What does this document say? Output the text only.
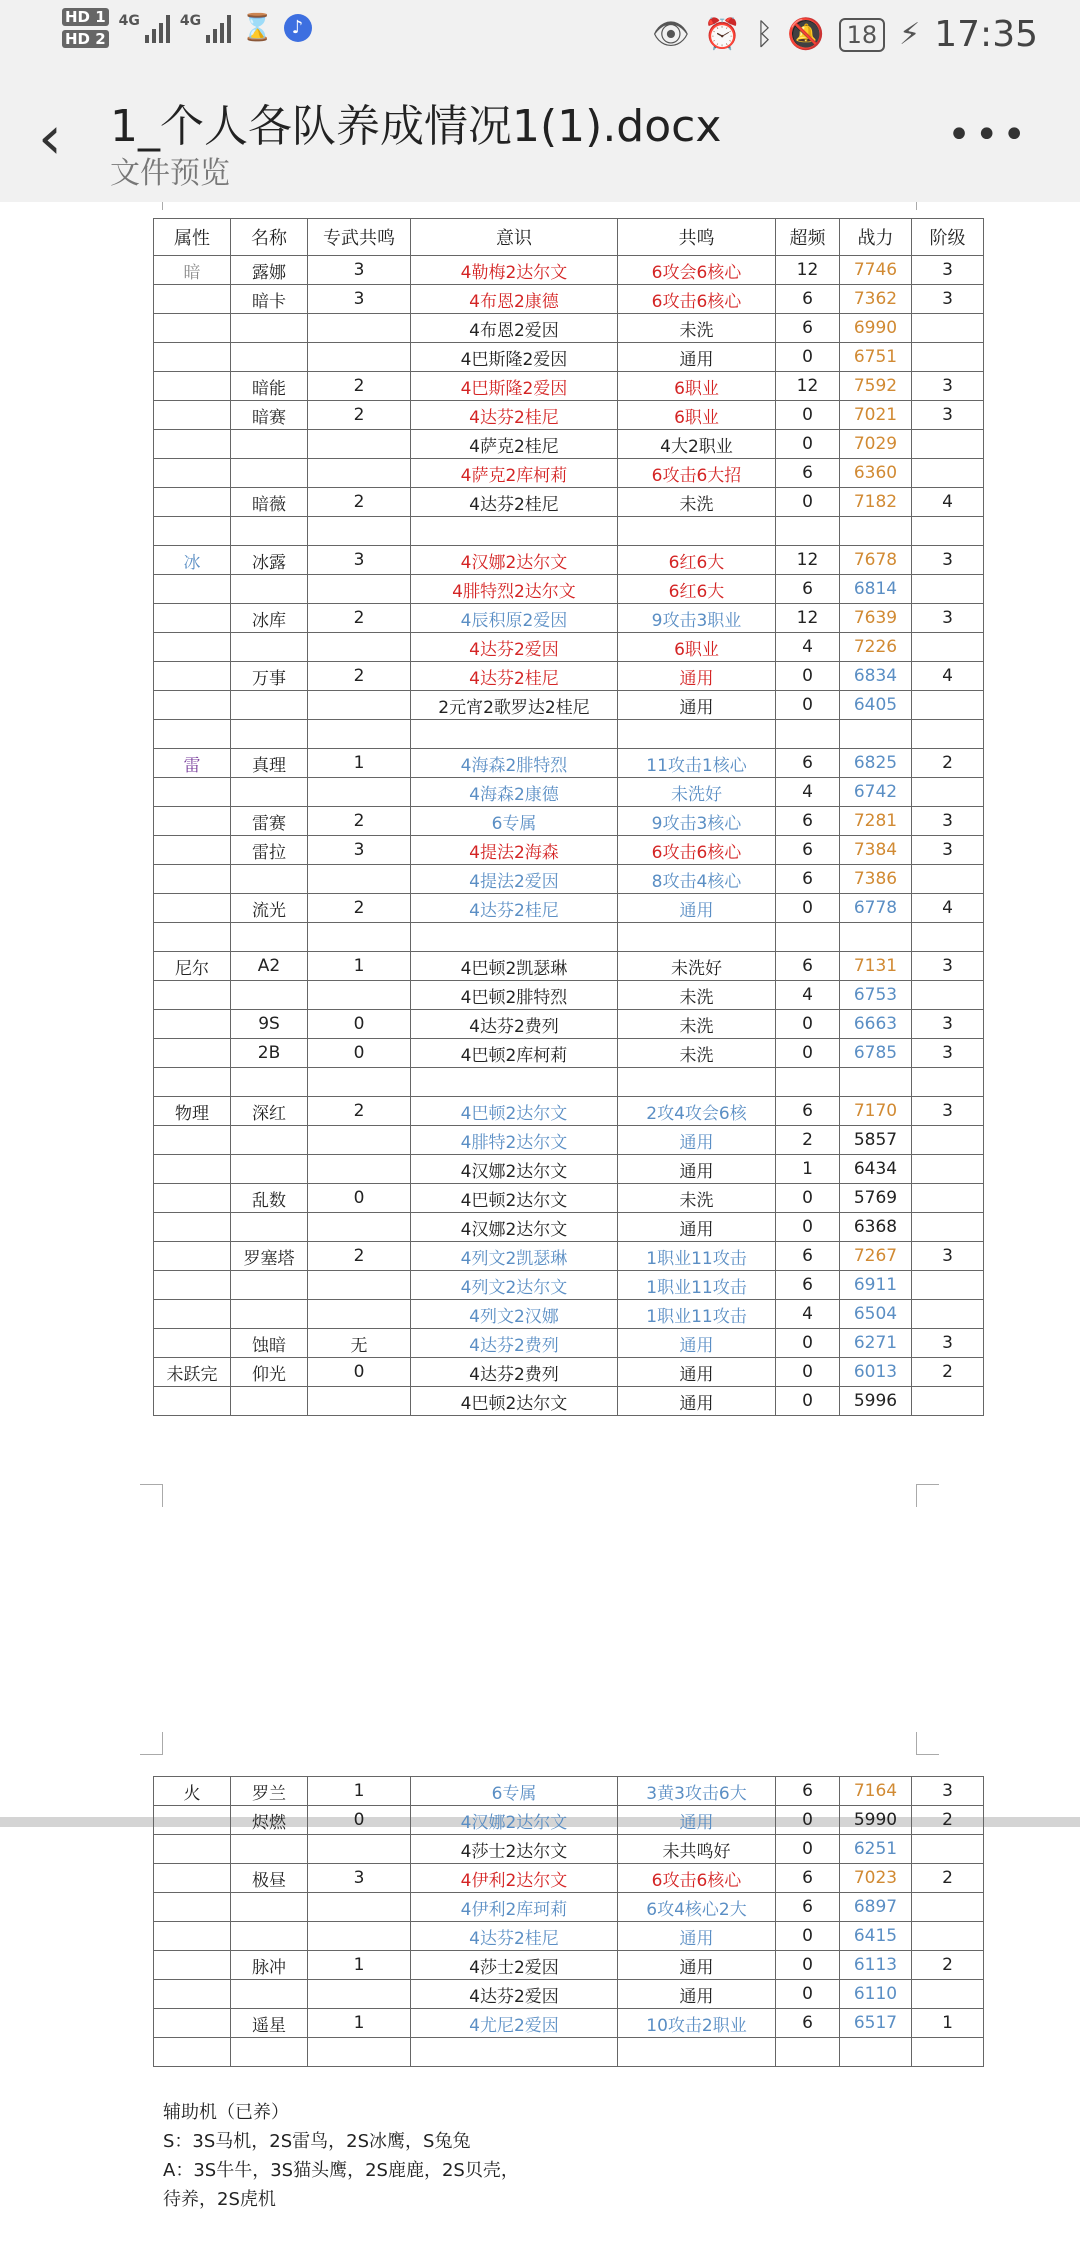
HD 1
HD 2
4G	4G ⌛	♪	👁 ⏰ ᛒ 🔕 18 ⚡ 17:35
‹ 1_个人各队养成情况1(1).docx
文件预览
•••
属性	名称	专武共鸣	意识	共鸣	超频	战力	阶级
暗	露娜	3	4勒梅2达尔文	6攻会6核心	12	7746	3
	暗卡	3	4布恩2康德	6攻击6核心	6	7362	3
			4布恩2爱因	未洗	6	6990	
			4巴斯隆2爱因	通用	0	6751	
	暗能	2	4巴斯隆2爱因	6职业	12	7592	3
	暗赛	2	4达芬2桂尼	6职业	0	7021	3
			4萨克2桂尼	4大2职业	0	7029	
			4萨克2库柯莉	6攻击6大招	6	6360	
	暗薇	2	4达芬2桂尼	未洗	0	7182	4

冰	冰露	3	4汉娜2达尔文	6红6大	12	7678	3
			4腓特烈2达尔文	6红6大	6	6814	
	冰库	2	4辰积原2爱因	9攻击3职业	12	7639	3
			4达芬2爱因	6职业	4	7226	
	万事	2	4达芬2桂尼	通用	0	6834	4
			2元宵2歌罗达2桂尼	通用	0	6405	

雷	真理	1	4海森2腓特烈	11攻击1核心	6	6825	2
			4海森2康德	未洗好	4	6742	
	雷赛	2	6专属	9攻击3核心	6	7281	3
	雷拉	3	4提法2海森	6攻击6核心	6	7384	3
			4提法2爱因	8攻击4核心	6	7386	
	流光	2	4达芬2桂尼	通用	0	6778	4

尼尔	A2	1	4巴顿2凯瑟琳	未洗好	6	7131	3
			4巴顿2腓特烈	未洗	4	6753	
	9S	0	4达芬2费列	未洗	0	6663	3
	2B	0	4巴顿2库柯莉	未洗	0	6785	3

物理	深红	2	4巴顿2达尔文	2攻4攻会6核	6	7170	3
			4腓特2达尔文	通用	2	5857	
			4汉娜2达尔文	通用	1	6434	
	乱数	0	4巴顿2达尔文	未洗	0	5769	
			4汉娜2达尔文	通用	0	6368	
	罗塞塔	2	4列文2凯瑟琳	1职业11攻击	6	7267	3
			4列文2达尔文	1职业11攻击	6	6911	
			4列文2汉娜	1职业11攻击	4	6504	
	蚀暗	无	4达芬2费列	通用	0	6271	3
未跃完	仰光	0	4达芬2费列	通用	0	6013	2
			4巴顿2达尔文	通用	0	5996	
火	罗兰	1	6专属	3黄3攻击6大	6	7164	3
	烬燃	0	4汉娜2达尔文	通用	0	5990	2
			4莎士2达尔文	未共鸣好	0	6251	
	极昼	3	4伊利2达尔文	6攻击6核心	6	7023	2
			4伊利2库珂莉	6攻4核心2大	6	6897	
			4达芬2桂尼	通用	0	6415	
	脉冲	1	4莎士2爱因	通用	0	6113	2
			4达芬2爱因	通用	0	6110	
	遥星	1	4尤尼2爱因	10攻击2职业	6	6517	1

辅助机（已养）
S：3S马机，2S雷鸟，2S冰鹰，S兔兔
A：3S牛牛，3S猫头鹰，2S鹿鹿，2S贝壳，
待养，2S虎机
